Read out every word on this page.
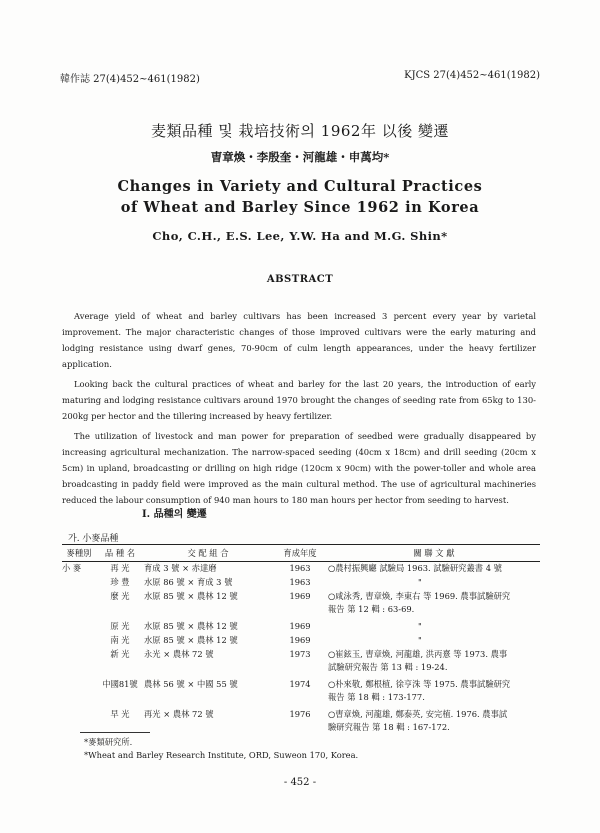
韓作誌 27(4)452~461(1982)	KJCS 27(4)452~461(1982)
麦類品種 및 栽培技術의 1962年 以後 變遷
曺章煥・李殷奎・河龍雄・申萬均*
Changes in Variety and Cultural Practices
of Wheat and Barley Since 1962 in Korea
Cho, C.H., E.S. Lee, Y.W. Ha and M.G. Shin*
ABSTRACT

Average yield of wheat and barley cultivars has been increased 3 percent every year by varietal improvement. The major characteristic changes of those improved cultivars were the early maturing and lodging resistance using dwarf genes, 70-90cm of culm length appearances, under the heavy fertilizer application.

Looking back the cultural practices of wheat and barley for the last 20 years, the introduction of early maturing and lodging resistance cultivars around 1970 brought the changes of seeding rate from 65kg to 130-200kg per hector and the tillering increased by heavy fertilizer.

The utilization of livestock and man power for preparation of seedbed were gradually disappeared by increasing agricultural mechanization. The narrow-spaced seeding (40cm x 18cm) and drill seeding (20cm x 5cm) in upland, broadcasting or drilling on high ridge (120cm x 90cm) with the power-toller and whole area broadcasting in paddy field were improved as the main cultural method. The use of agricultural machineries reduced the labour consumption of 940 man hours to 180 man hours per hector from seeding to harvest.

I. 品種의 變遷
가. 小麥品種
麥種別	品 種 名	交 配 組 合	育成年度	關 聯 文 獻
小 麥	再 光	育成 3 號 × 赤達磨	1963	○農村振興廳 試驗局 1963. 試驗研究叢書 4 號
珍 豊	水原 86 號 × 育成 3 號	1963	"
麼 光	水原 85 號 × 農林 12 號	1969	○咸泳秀, 曺章煥, 李東右 等 1969. 農事試驗研究
報告 第 12 輯 : 63-69.
原 光	水原 85 號 × 農林 12 號	1969	"
南 光	水原 85 號 × 農林 12 號	1969	"
新 光	永光 × 農林 72 號	1973	○崔鉉玉, 曺章煥, 河龍雄, 洪丙憙 等 1973. 農事
試驗研究報告 第 13 輯 : 19-24.
中國81號 農林 56 號 × 中國 55 號	1974	○朴來敬, 鄭根植, 徐亨洙 等 1975. 農事試驗研究
報告 第 18 輯 : 173-177.
早 光	再光 × 農林 72 號	1976	○曺章煥, 河龍雄, 鄭泰英, 安完植. 1976. 農事試
驗研究報告 第 18 輯 : 167-172.
*麥類研究所.
*Wheat and Barley Research Institute, ORD, Suweon 170, Korea.
- 452 -
